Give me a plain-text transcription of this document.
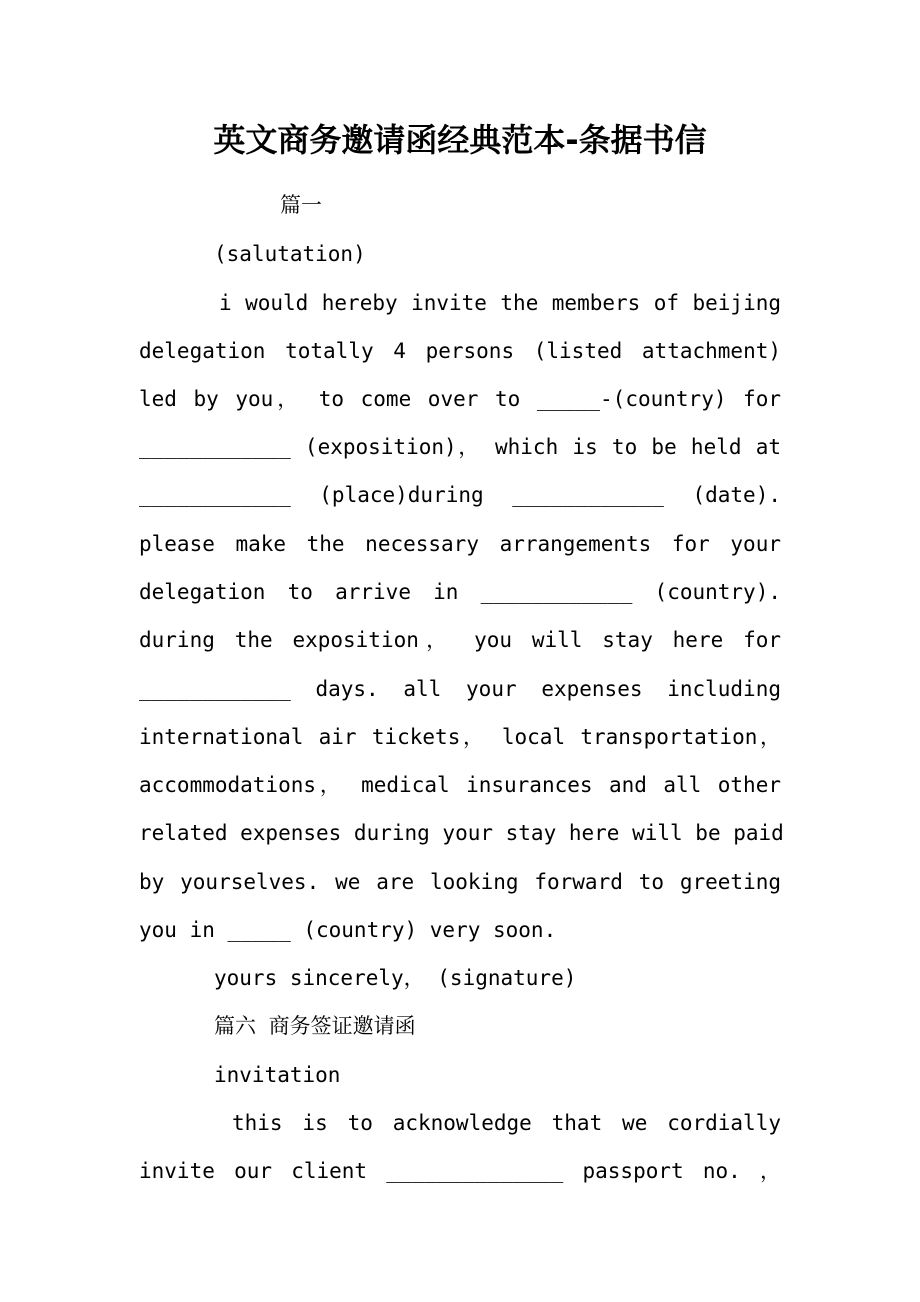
英文商务邀请函经典范本-条据书信

篇一

(salutation)

i would hereby invite the members of beijing

delegation totally 4 persons (listed attachment)

led by you， to come over to _____-(country) for

____________ (exposition)， which is to be held at

____________ (place)during ____________ (date).

please make the necessary arrangements for your

delegation to arrive in ____________ (country).

during the exposition， you will stay here for

____________ days. all your expenses including

international air tickets， local transportation，

accommodations， medical insurances and all other

related expenses during your stay here will be paid

by yourselves. we are looking forward to greeting

you in _____ (country) very soon.

yours sincerely， (signature)

篇六 商务签证邀请函

invitation

this is to acknowledge that we cordially

invite our client ______________ passport no. ，
